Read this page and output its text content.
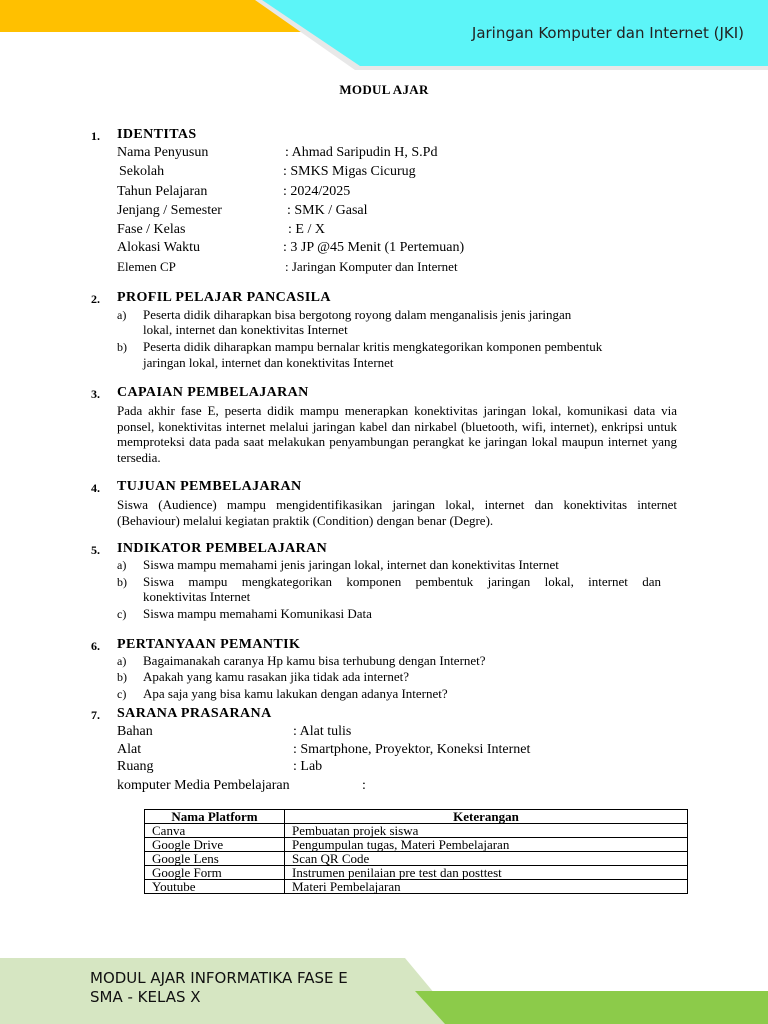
Jaringan Komputer dan Internet (JKI)
MODUL AJAR
1. IDENTITAS
Nama Penyusun	: Ahmad Saripudin H, S.Pd
Sekolah	: SMKS Migas Cicurug
Tahun Pelajaran	: 2024/2025
Jenjang / Semester	: SMK / Gasal
Fase / Kelas	: E / X
Alokasi Waktu	: 3 JP @45 Menit (1 Pertemuan)
Elemen CP	: Jaringan Komputer dan Internet
2. PROFIL PELAJAR PANCASILA
a) Peserta didik diharapkan bisa bergotong royong dalam menganalisis jenis jaringan
lokal, internet dan konektivitas Internet
b) Peserta didik diharapkan mampu bernalar kritis mengkategorikan komponen pembentuk
jaringan lokal, internet dan konektivitas Internet
3. CAPAIAN PEMBELAJARAN
Pada akhir fase E, peserta didik mampu menerapkan konektivitas jaringan lokal, komunikasi data via ponsel, konektivitas internet melalui jaringan kabel dan nirkabel (bluetooth, wifi, internet), enkripsi untuk memproteksi data pada saat melakukan penyambungan perangkat ke jaringan lokal maupun internet yang tersedia.
4. TUJUAN PEMBELAJARAN
Siswa (Audience) mampu mengidentifikasikan jaringan lokal, internet dan konektivitas internet (Behaviour) melalui kegiatan praktik (Condition) dengan benar (Degre).
5. INDIKATOR PEMBELAJARAN
a) Siswa mampu memahami jenis jaringan lokal, internet dan konektivitas Internet
b) Siswa mampu mengkategorikan komponen pembentuk jaringan lokal, internet dan
konektivitas Internet
c) Siswa mampu memahami Komunikasi Data
6. PERTANYAAN PEMANTIK
a) Bagaimanakah caranya Hp kamu bisa terhubung dengan Internet?
b) Apakah yang kamu rasakan jika tidak ada internet?
c) Apa saja yang bisa kamu lakukan dengan adanya Internet?
7. SARANA PRASARANA
Bahan	: Alat tulis
Alat	: Smartphone, Proyektor, Koneksi Internet
Ruang	: Lab
komputer Media Pembelajaran	:
Nama Platform	Keterangan
Canva	Pembuatan projek siswa
Google Drive	Pengumpulan tugas, Materi Pembelajaran
Google Lens	Scan QR Code
Google Form	Instrumen penilaian pre test dan posttest
Youtube	Materi Pembelajaran
MODUL AJAR INFORMATIKA FASE E
SMA - KELAS X
